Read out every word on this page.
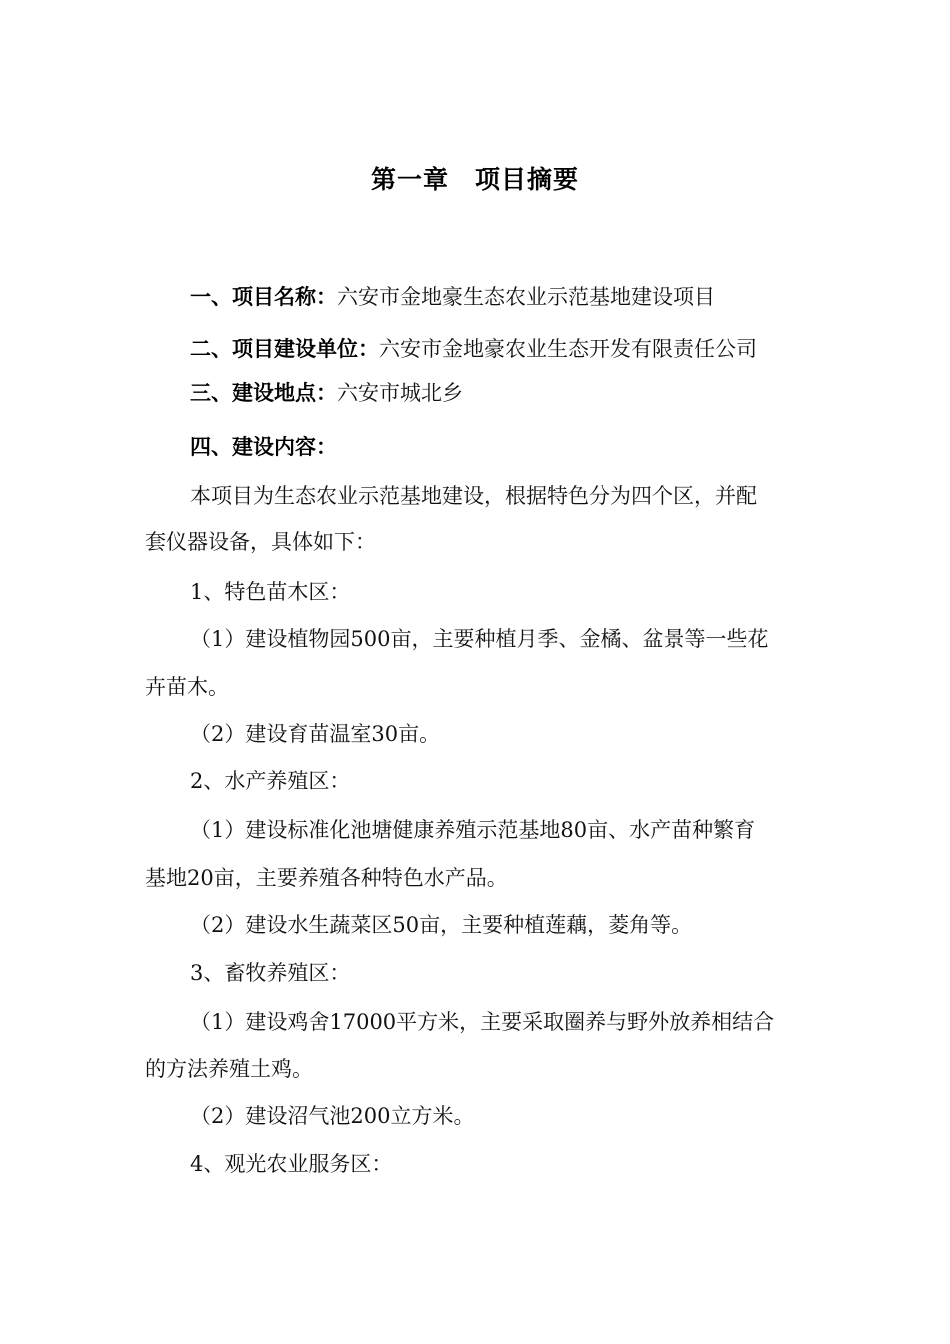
第一章　项目摘要
一、项目名称：六安市金地豪生态农业示范基地建设项目
二、项目建设单位：六安市金地豪农业生态开发有限责任公司
三、建设地点：六安市城北乡
四、建设内容：
本项目为生态农业示范基地建设，根据特色分为四个区，并配
套仪器设备，具体如下：
1、特色苗木区：
（1）建设植物园500亩，主要种植月季、金橘、盆景等一些花
卉苗木。
（2）建设育苗温室30亩。
2、水产养殖区：
（1）建设标准化池塘健康养殖示范基地80亩、水产苗种繁育
基地20亩，主要养殖各种特色水产品。
（2）建设水生蔬菜区50亩，主要种植莲藕，菱角等。
3、畜牧养殖区：
（1）建设鸡舍17000平方米，主要采取圈养与野外放养相结合
的方法养殖土鸡。
（2）建设沼气池200立方米。
4、观光农业服务区：
